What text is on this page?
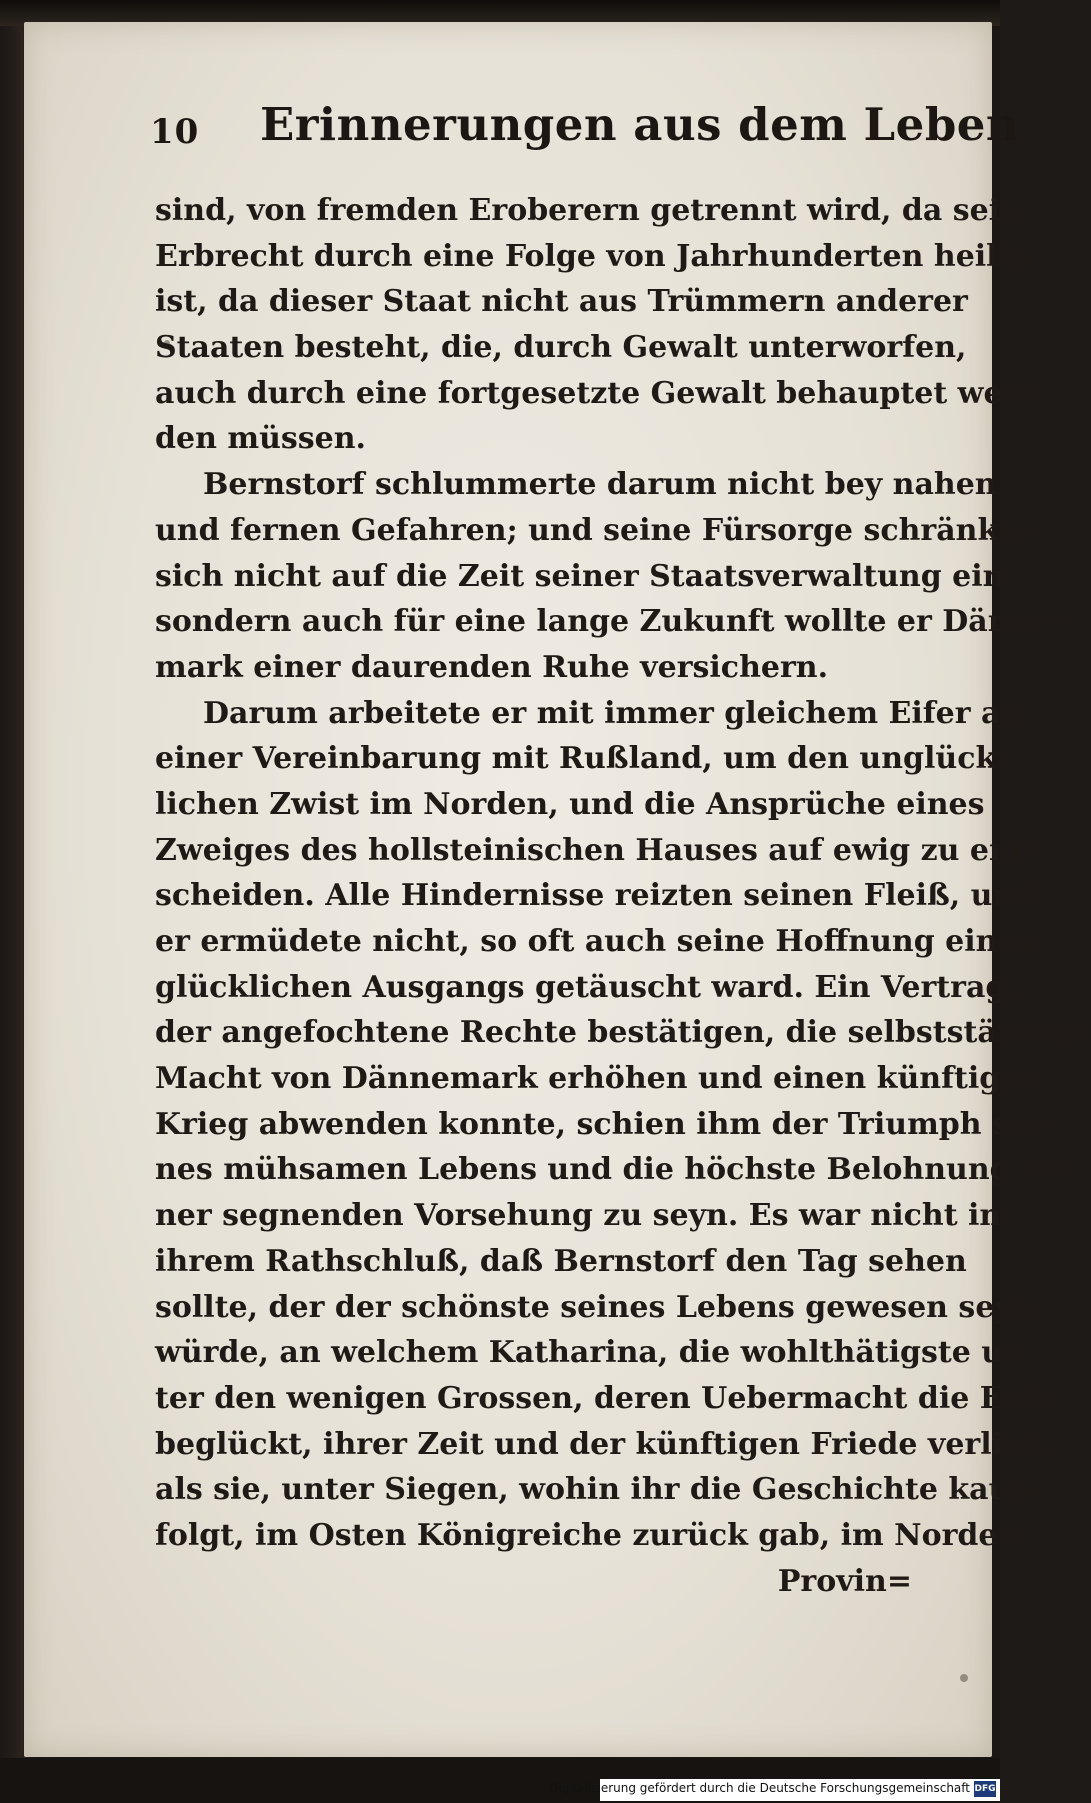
10 Erinnerungen aus dem Leben
sind, von fremden Eroberern getrennt wird, da sein
Erbrecht durch eine Folge von Jahrhunderten heilig
ist, da dieser Staat nicht aus Trümmern anderer
Staaten besteht, die, durch Gewalt unterworfen,
auch durch eine fortgesetzte Gewalt behauptet wer=
den müssen.
Bernstorf schlummerte darum nicht bey nahen
und fernen Gefahren; und seine Fürsorge schränkte
sich nicht auf die Zeit seiner Staatsverwaltung ein,
sondern auch für eine lange Zukunft wollte er Dänne=
mark einer daurenden Ruhe versichern.
Darum arbeitete er mit immer gleichem Eifer an
einer Vereinbarung mit Rußland, um den unglück=
lichen Zwist im Norden, und die Ansprüche eines
Zweiges des hollsteinischen Hauses auf ewig zu ent=
scheiden. Alle Hindernisse reizten seinen Fleiß, und
er ermüdete nicht, so oft auch seine Hoffnung eines
glücklichen Ausgangs getäuscht ward. Ein Vertrag,
der angefochtene Rechte bestätigen, die selbstständige
Macht von Dännemark erhöhen und einen künftigen
Krieg abwenden konnte, schien ihm der Triumph sei=
nes mühsamen Lebens und die höchste Belohnung ei=
ner segnenden Vorsehung zu seyn. Es war nicht in
ihrem Rathschluß, daß Bernstorf den Tag sehen
sollte, der der schönste seines Lebens gewesen seyn
würde, an welchem Katharina, die wohlthätigste un=
ter den wenigen Grossen, deren Uebermacht die Erde
beglückt, ihrer Zeit und der künftigen Friede verlieh,
als sie, unter Siegen, wohin ihr die Geschichte kaum
folgt, im Osten Königreiche zurück gab, im Norden
Provin=
Digitalisierung gefördert durch die Deutsche Forschungsgemeinschaft DFG
